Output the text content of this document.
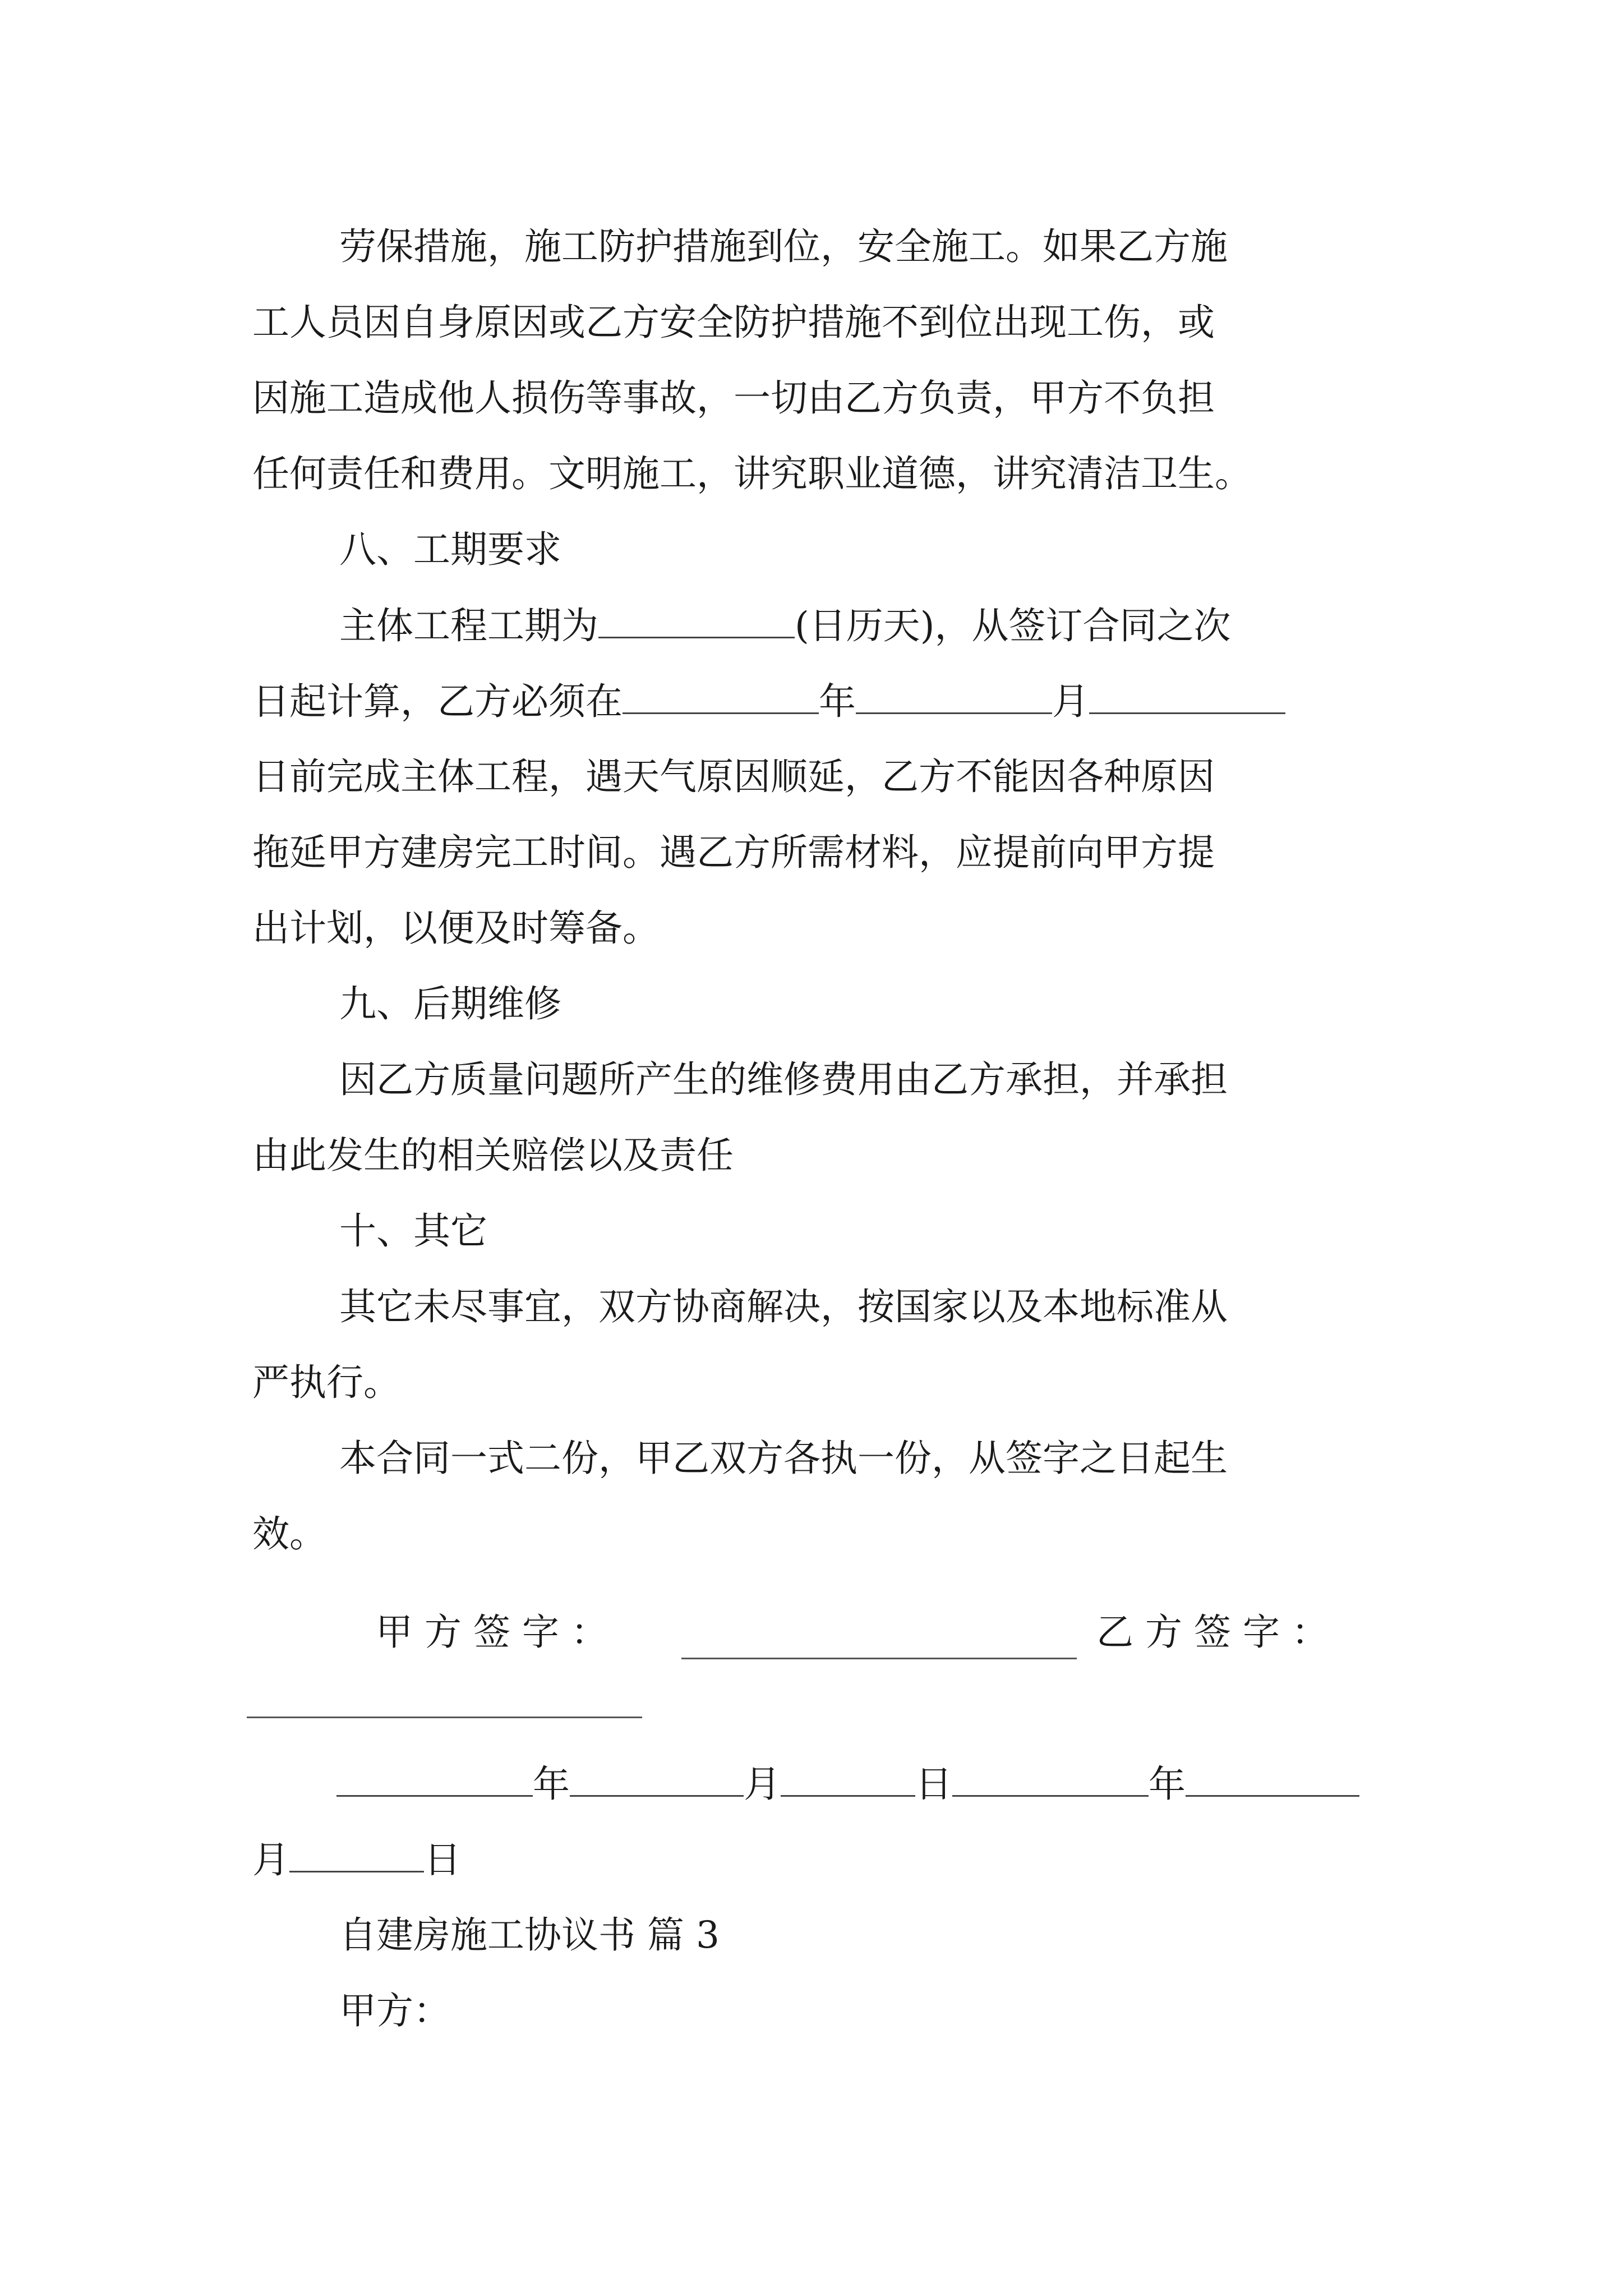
劳保措施，施工防护措施到位，安全施工。如果乙方施
工人员因自身原因或乙方安全防护措施不到位出现工伤，或
因施工造成他人损伤等事故，一切由乙方负责，甲方不负担
任何责任和费用。文明施工，讲究职业道德，讲究清洁卫生。
八、工期要求
主体工程工期为	(日历天)，从签订合同之次
日起计算，乙方必须在	年	月
日前完成主体工程，遇天气原因顺延，乙方不能因各种原因
拖延甲方建房完工时间。遇乙方所需材料，应提前向甲方提
出计划，以便及时筹备。
九、后期维修
因乙方质量问题所产生的维修费用由乙方承担，并承担
由此发生的相关赔偿以及责任
十、其它
其它未尽事宜，双方协商解决，按国家以及本地标准从
严执行。
本合同一式二份，甲乙双方各执一份，从签字之日起生
效。
甲 方 签 字 ：	乙 方 签 字 ：
年	月	日	年
月	日
自建房施工协议书 篇 3
甲方：
